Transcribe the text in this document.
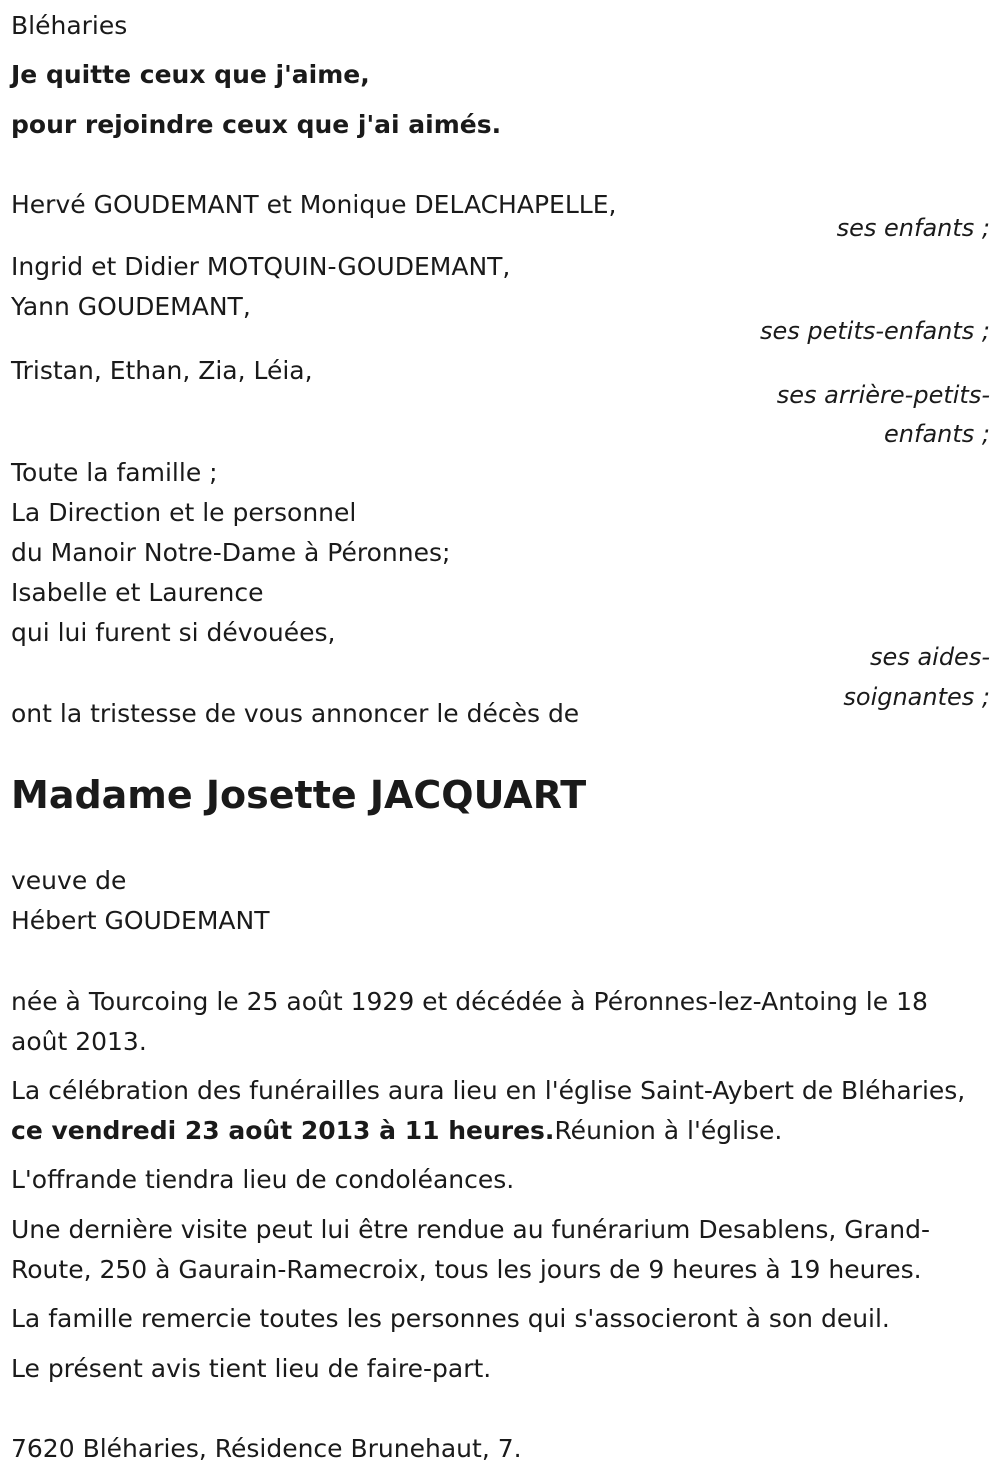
Bléharies
Je quitte ceux que j'aime,
pour rejoindre ceux que j'ai aimés.
Hervé GOUDEMANT et Monique DELACHAPELLE,
ses enfants ;
Ingrid et Didier MOTQUIN-GOUDEMANT,
Yann GOUDEMANT,
ses petits-enfants ;
Tristan, Ethan, Zia, Léia,
ses arrière-petits-
enfants ;
Toute la famille ;
La Direction et le personnel
du Manoir Notre-Dame à Péronnes;
Isabelle et Laurence
qui lui furent si dévouées,
ses aides-
soignantes ;
ont la tristesse de vous annoncer le décès de
Madame Josette JACQUART
veuve de
Hébert GOUDEMANT
née à Tourcoing le 25 août 1929 et décédée à Péronnes-lez-Antoing le 18 août 2013.
La célébration des funérailles aura lieu en l'église Saint-Aybert de Bléharies, ce vendredi 23 août 2013 à 11 heures.Réunion à l'église.
L'offrande tiendra lieu de condoléances.
Une dernière visite peut lui être rendue au funérarium Desablens, Grand-Route, 250 à Gaurain-Ramecroix, tous les jours de 9 heures à 19 heures.
La famille remercie toutes les personnes qui s'associeront à son deuil.
Le présent avis tient lieu de faire-part.
7620 Bléharies, Résidence Brunehaut, 7.
